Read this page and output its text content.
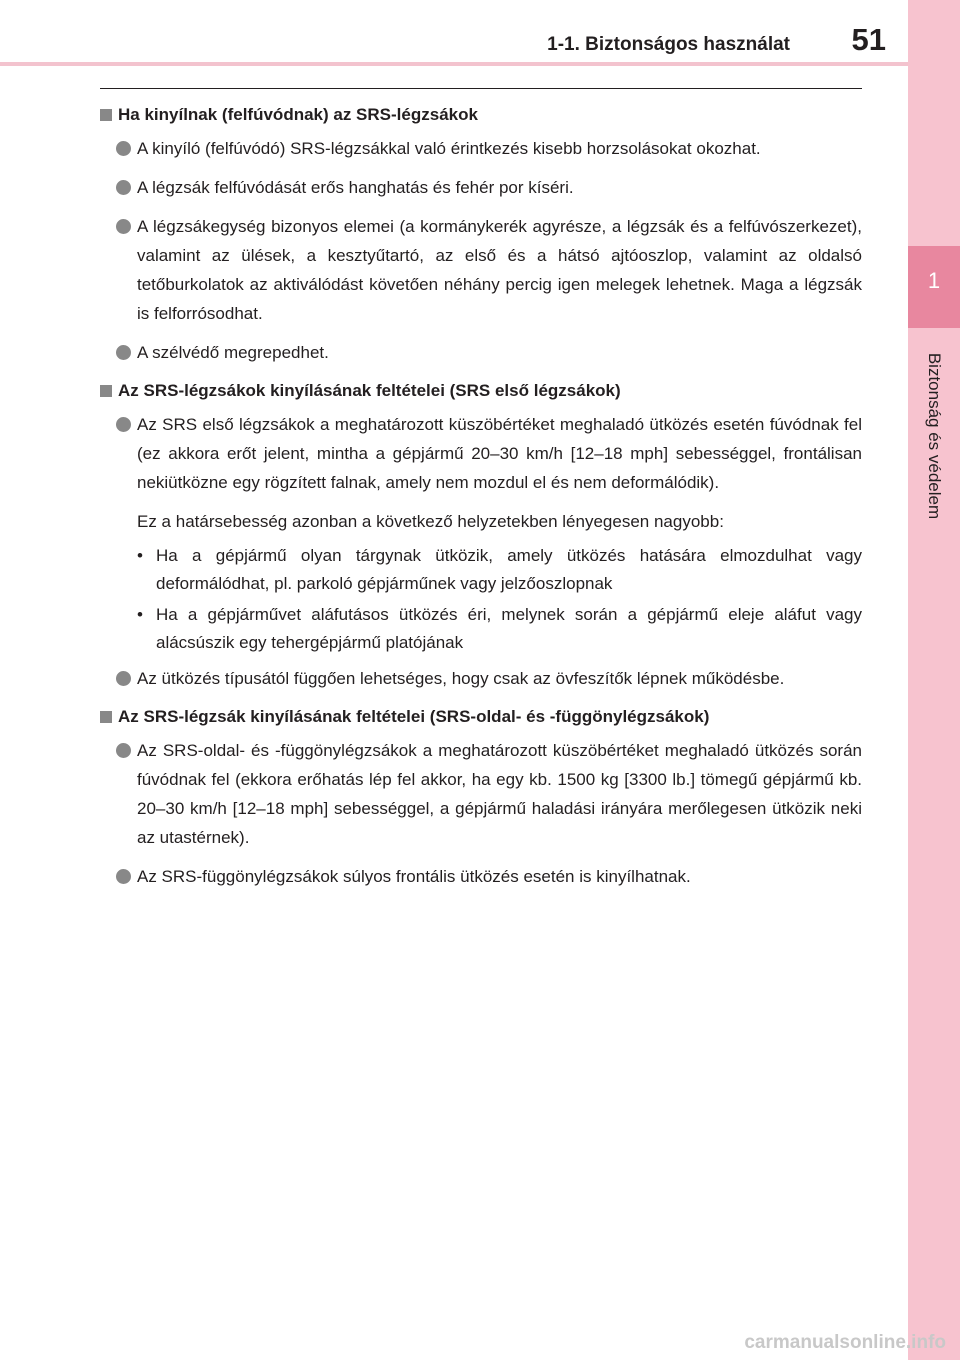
1
Biztonság és védelem
1-1. Biztonságos használat 51
Ha kinyílnak (felfúvódnak) az SRS-légzsákok
A kinyíló (felfúvódó) SRS-légzsákkal való érintkezés kisebb horzsolásokat okozhat.
A légzsák felfúvódását erős hanghatás és fehér por kíséri.
A légzsákegység bizonyos elemei (a kormánykerék agyrésze, a légzsák és a felfúvószerkezet), valamint az ülések, a kesztyűtartó, az első és a hátsó ajtóoszlop, valamint az oldalsó tetőburkolatok az aktiválódást követően néhány percig igen melegek lehetnek. Maga a légzsák is felforrósodhat.
A szélvédő megrepedhet.
Az SRS-légzsákok kinyílásának feltételei (SRS első légzsákok)
Az SRS első légzsákok a meghatározott küszöbértéket meghaladó ütközés esetén fúvódnak fel (ez akkora erőt jelent, mintha a gépjármű 20–30 km/h [12–18 mph] sebességgel, frontálisan nekiütközne egy rögzített falnak, amely nem mozdul el és nem deformálódik).
Ez a határsebesség azonban a következő helyzetekben lényegesen nagyobb:
• Ha a gépjármű olyan tárgynak ütközik, amely ütközés hatására elmozdulhat vagy deformálódhat, pl. parkoló gépjárműnek vagy jelzőoszlopnak
• Ha a gépjárművet aláfutásos ütközés éri, melynek során a gépjármű eleje aláfut vagy alácsúszik egy tehergépjármű platójának
Az ütközés típusától függően lehetséges, hogy csak az övfeszítők lépnek működésbe.
Az SRS-légzsák kinyílásának feltételei (SRS-oldal- és -függönylégzsákok)
Az SRS-oldal- és -függönylégzsákok a meghatározott küszöbértéket meghaladó ütközés során fúvódnak fel (ekkora erőhatás lép fel akkor, ha egy kb. 1500 kg [3300 lb.] tömegű gépjármű kb. 20–30 km/h [12–18 mph] sebességgel, a gépjármű haladási irányára merőlegesen ütközik neki az utastérnek).
Az SRS-függönylégzsákok súlyos frontális ütközés esetén is kinyílhatnak.
carmanualsonline.info
